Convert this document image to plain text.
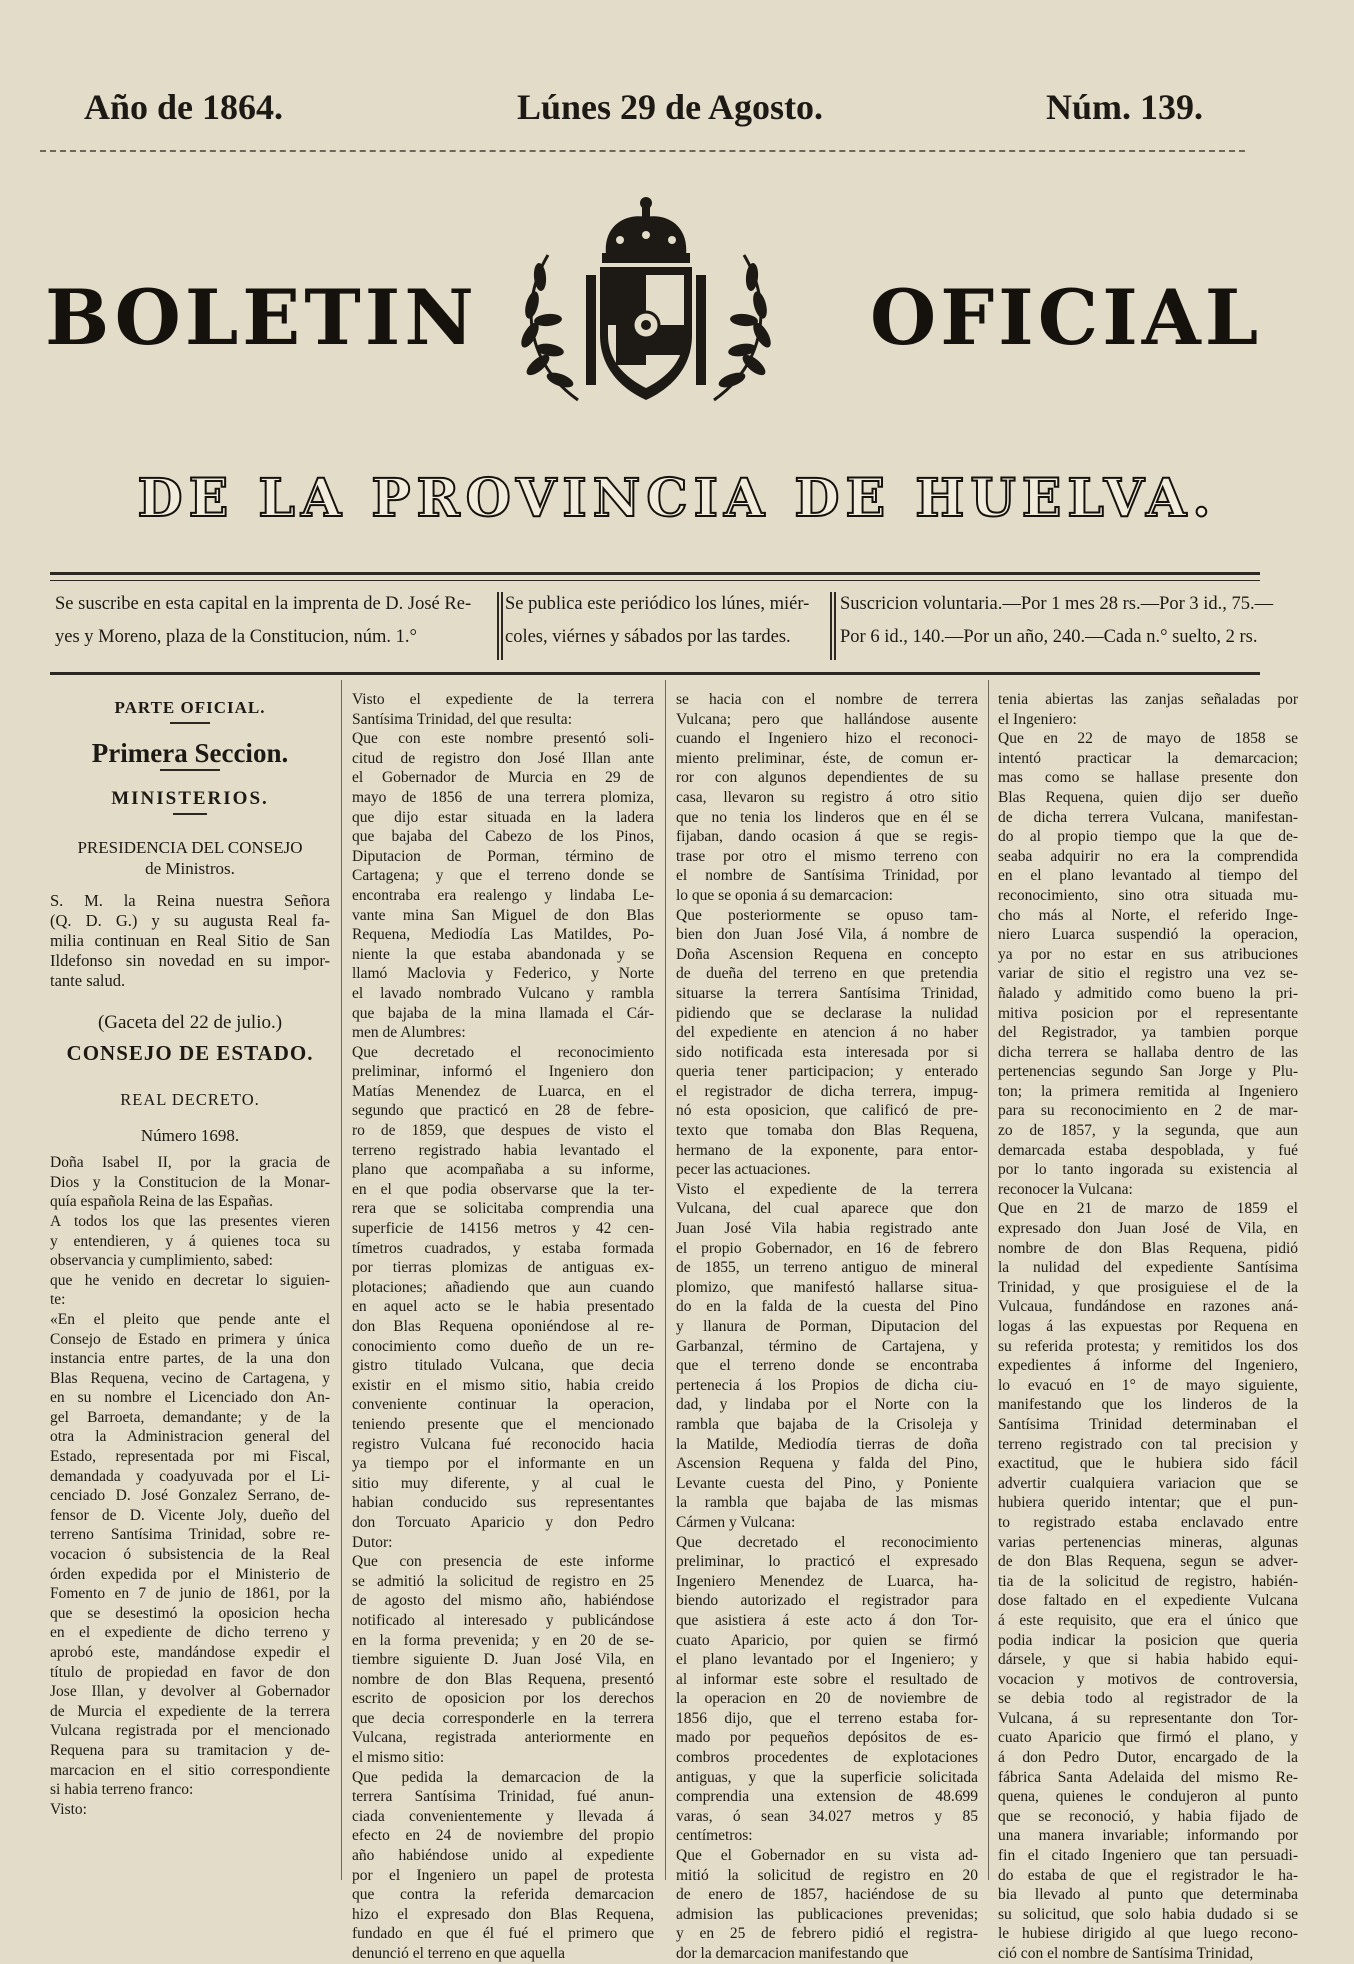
Año de 1864.	Lúnes 29 de Agosto.	Núm. 139.
BOLETIN	OFICIAL
DE LA PROVINCIA DE HUELVA.
Se suscribe en esta capital en la imprenta de D. José Re-
yes y Moreno, plaza de la Constitucion, núm. 1.°
Se publica este periódico los lúnes, miér-
coles, viérnes y sábados por las tardes.
Suscricion voluntaria.—Por 1 mes 28 rs.—Por 3 id., 75.—
Por 6 id., 140.—Por un año, 240.—Cada n.° suelto, 2 rs.
PARTE OFICIAL.
Primera Seccion.
MINISTERIOS.
PRESIDENCIA DEL CONSEJO
de Ministros.
S. M. la Reina nuestra Señora
(Q. D. G.) y su augusta Real fa-
milia continuan en Real Sitio de San
Ildefonso sin novedad en su impor-
tante salud.
(Gaceta del 22 de julio.)
CONSEJO DE ESTADO.
REAL DECRETO.
Número 1698.
Doña Isabel II, por la gracia de
Dios y la Constitucion de la Monar-
quía española Reina de las Españas.
A todos los que las presentes vieren
y entendieren, y á quienes toca su
observancia y cumplimiento, sabed:
que he venido en decretar lo siguien-
te:
«En el pleito que pende ante el
Consejo de Estado en primera y única
instancia entre partes, de la una don
Blas Requena, vecino de Cartagena, y
en su nombre el Licenciado don An-
gel Barroeta, demandante; y de la
otra la Administracion general del
Estado, representada por mi Fiscal,
demandada y coadyuvada por el Li-
cenciado D. José Gonzalez Serrano, de-
fensor de D. Vicente Joly, dueño del
terreno Santísima Trinidad, sobre re-
vocacion ó subsistencia de la Real
órden expedida por el Ministerio de
Fomento en 7 de junio de 1861, por la
que se desestimó la oposicion hecha
en el expediente de dicho terreno y
aprobó este, mandándose expedir el
título de propiedad en favor de don
Jose Illan, y devolver al Gobernador
de Murcia el expediente de la terrera
Vulcana registrada por el mencionado
Requena para su tramitacion y de-
marcacion en el sitio correspondiente
si habia terreno franco:
Visto:
Visto el expediente de la terrera
Santísima Trinidad, del que resulta:
Que con este nombre presentó soli-
citud de registro don José Illan ante
el Gobernador de Murcia en 29 de
mayo de 1856 de una terrera plomiza,
que dijo estar situada en la ladera
que bajaba del Cabezo de los Pinos,
Diputacion de Porman, término de
Cartagena; y que el terreno donde se
encontraba era realengo y lindaba Le-
vante mina San Miguel de don Blas
Requena, Mediodía Las Matildes, Po-
niente la que estaba abandonada y se
llamó Maclovia y Federico, y Norte
el lavado nombrado Vulcano y rambla
que bajaba de la mina llamada el Cár-
men de Alumbres:
Que decretado el reconocimiento
preliminar, informó el Ingeniero don
Matías Menendez de Luarca, en el
segundo que practicó en 28 de febre-
ro de 1859, que despues de visto el
terreno registrado habia levantado el
plano que acompañaba a su informe,
en el que podia observarse que la ter-
rera que se solicitaba comprendia una
superficie de 14156 metros y 42 cen-
tímetros cuadrados, y estaba formada
por tierras plomizas de antiguas ex-
plotaciones; añadiendo que aun cuando
en aquel acto se le habia presentado
don Blas Requena oponiéndose al re-
conocimiento como dueño de un re-
gistro titulado Vulcana, que decia
existir en el mismo sitio, habia creido
conveniente continuar la operacion,
teniendo presente que el mencionado
registro Vulcana fué reconocido hacia
ya tiempo por el informante en un
sitio muy diferente, y al cual le
habian conducido sus representantes
don Torcuato Aparicio y don Pedro
Dutor:
Que con presencia de este informe
se admitió la solicitud de registro en 25
de agosto del mismo año, habiéndose
notificado al interesado y publicándose
en la forma prevenida; y en 20 de se-
tiembre siguiente D. Juan José Vila, en
nombre de don Blas Requena, presentó
escrito de oposicion por los derechos
que decia corresponderle en la terrera
Vulcana, registrada anteriormente en
el mismo sitio:
Que pedida la demarcacion de la
terrera Santísima Trinidad, fué anun-
ciada convenientemente y llevada á
efecto en 24 de noviembre del propio
año habiéndose unido al expediente
por el Ingeniero un papel de protesta
que contra la referida demarcacion
hizo el expresado don Blas Requena,
fundado en que él fué el primero que
denunció el terreno en que aquella
se hacia con el nombre de terrera
Vulcana; pero que hallándose ausente
cuando el Ingeniero hizo el reconoci-
miento preliminar, éste, de comun er-
ror con algunos dependientes de su
casa, llevaron su registro á otro sitio
que no tenia los linderos que en él se
fijaban, dando ocasion á que se regis-
trase por otro el mismo terreno con
el nombre de Santísima Trinidad, por
lo que se oponia á su demarcacion:
Que posteriormente se opuso tam-
bien don Juan José Vila, á nombre de
Doña Ascension Requena en concepto
de dueña del terreno en que pretendia
situarse la terrera Santísima Trinidad,
pidiendo que se declarase la nulidad
del expediente en atencion á no haber
sido notificada esta interesada por si
queria tener participacion; y enterado
el registrador de dicha terrera, impug-
nó esta oposicion, que calificó de pre-
texto que tomaba don Blas Requena,
hermano de la exponente, para entor-
pecer las actuaciones.
Visto el expediente de la terrera
Vulcana, del cual aparece que don
Juan José Vila habia registrado ante
el propio Gobernador, en 16 de febrero
de 1855, un terreno antiguo de mineral
plomizo, que manifestó hallarse situa-
do en la falda de la cuesta del Pino
y llanura de Porman, Diputacion del
Garbanzal, término de Cartajena, y
que el terreno donde se encontraba
pertenecia á los Propios de dicha ciu-
dad, y lindaba por el Norte con la
rambla que bajaba de la Crisoleja y
la Matilde, Mediodía tierras de doña
Ascension Requena y falda del Pino,
Levante cuesta del Pino, y Poniente
la rambla que bajaba de las mismas
Cármen y Vulcana:
Que decretado el reconocimiento
preliminar, lo practicó el expresado
Ingeniero Menendez de Luarca, ha-
biendo autorizado el registrador para
que asistiera á este acto á don Tor-
cuato Aparicio, por quien se firmó
el plano levantado por el Ingeniero; y
al informar este sobre el resultado de
la operacion en 20 de noviembre de
1856 dijo, que el terreno estaba for-
mado por pequeños depósitos de es-
combros procedentes de explotaciones
antiguas, y que la superficie solicitada
comprendia una extension de 48.699
varas, ó sean 34.027 metros y 85
centímetros:
Que el Gobernador en su vista ad-
mitió la solicitud de registro en 20
de enero de 1857, haciéndose de su
admision las publicaciones prevenidas;
y en 25 de febrero pidió el registra-
dor la demarcacion manifestando que
tenia abiertas las zanjas señaladas por
el Ingeniero:
Que en 22 de mayo de 1858 se
intentó practicar la demarcacion;
mas como se hallase presente don
Blas Requena, quien dijo ser dueño
de dicha terrera Vulcana, manifestan-
do al propio tiempo que la que de-
seaba adquirir no era la comprendida
en el plano levantado al tiempo del
reconocimiento, sino otra situada mu-
cho más al Norte, el referido Inge-
niero Luarca suspendió la operacion,
ya por no estar en sus atribuciones
variar de sitio el registro una vez se-
ñalado y admitido como bueno la pri-
mitiva posicion por el representante
del Registrador, ya tambien porque
dicha terrera se hallaba dentro de las
pertenencias segundo San Jorge y Plu-
ton; la primera remitida al Ingeniero
para su reconocimiento en 2 de mar-
zo de 1857, y la segunda, que aun
demarcada estaba despoblada, y fué
por lo tanto ingorada su existencia al
reconocer la Vulcana:
Que en 21 de marzo de 1859 el
expresado don Juan José de Vila, en
nombre de don Blas Requena, pidió
la nulidad del expediente Santísima
Trinidad, y que prosiguiese el de la
Vulcaua, fundándose en razones aná-
logas á las expuestas por Requena en
su referida protesta; y remitidos los dos
expedientes á informe del Ingeniero,
lo evacuó en 1° de mayo siguiente,
manifestando que los linderos de la
Santísima Trinidad determinaban el
terreno registrado con tal precision y
exactitud, que le hubiera sido fácil
advertir cualquiera variacion que se
hubiera querido intentar; que el pun-
to registrado estaba enclavado entre
varias pertenencias mineras, algunas
de don Blas Requena, segun se adver-
tia de la solicitud de registro, habién-
dose faltado en el expediente Vulcana
á este requisito, que era el único que
podia indicar la posicion que queria
dársele, y que si habia habido equi-
vocacion y motivos de controversia,
se debia todo al registrador de la
Vulcana, á su representante don Tor-
cuato Aparicio que firmó el plano, y
á don Pedro Dutor, encargado de la
fábrica Santa Adelaida del mismo Re-
quena, quienes le condujeron al punto
que se reconoció, y habia fijado de
una manera invariable; informando por
fin el citado Ingeniero que tan persuadi-
do estaba de que el registrador le ha-
bia llevado al punto que determinaba
su solicitud, que solo habia dudado si se
le hubiese dirigido al que luego recono-
ció con el nombre de Santísima Trinidad,
